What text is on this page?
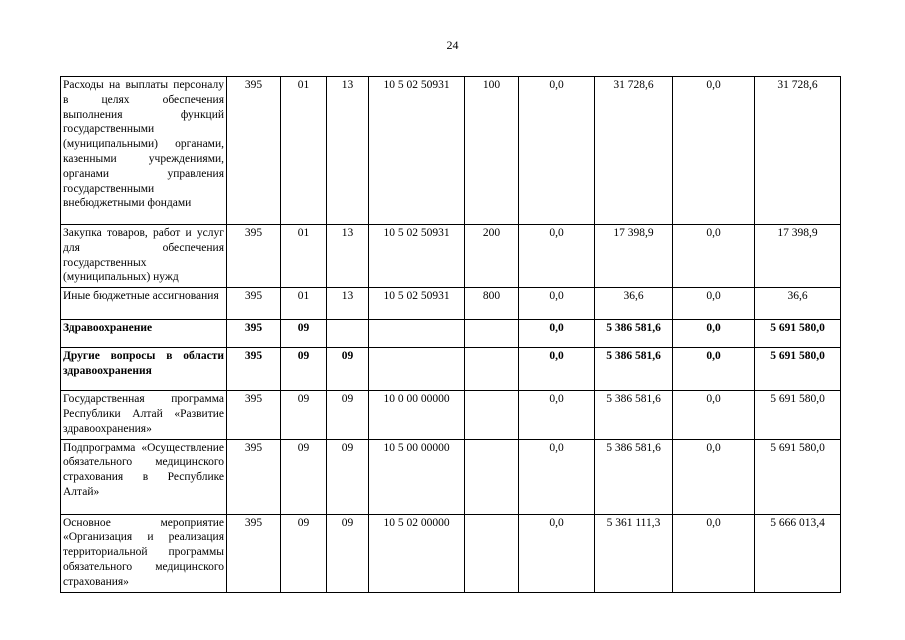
24
Расходы на выплаты персоналу в целях обеспечения выполнения функций государственными (муниципальными) органами, казенными учреждениями, органами управления государственными внебюджетными фондами	395	01	13	10 5 02 50931	100	0,0	31 728,6	0,0	31 728,6
Закупка товаров, работ и услуг для обеспечения государственных (муниципальных) нужд	395	01	13	10 5 02 50931	200	0,0	17 398,9	0,0	17 398,9
Иные бюджетные ассигнования	395	01	13	10 5 02 50931	800	0,0	36,6	0,0	36,6
Здравоохранение	395	09				0,0	5 386 581,6	0,0	5 691 580,0
Другие вопросы в области здравоохранения	395	09	09			0,0	5 386 581,6	0,0	5 691 580,0
Государственная программа Республики Алтай «Развитие здравоохранения»	395	09	09	10 0 00 00000		0,0	5 386 581,6	0,0	5 691 580,0
Подпрограмма «Осуществление обязательного медицинского страхования в Республике Алтай»	395	09	09	10 5 00 00000		0,0	5 386 581,6	0,0	5 691 580,0
Основное мероприятие «Организация и реализация территориальной программы обязательного медицинского страхования»	395	09	09	10 5 02 00000		0,0	5 361 111,3	0,0	5 666 013,4
